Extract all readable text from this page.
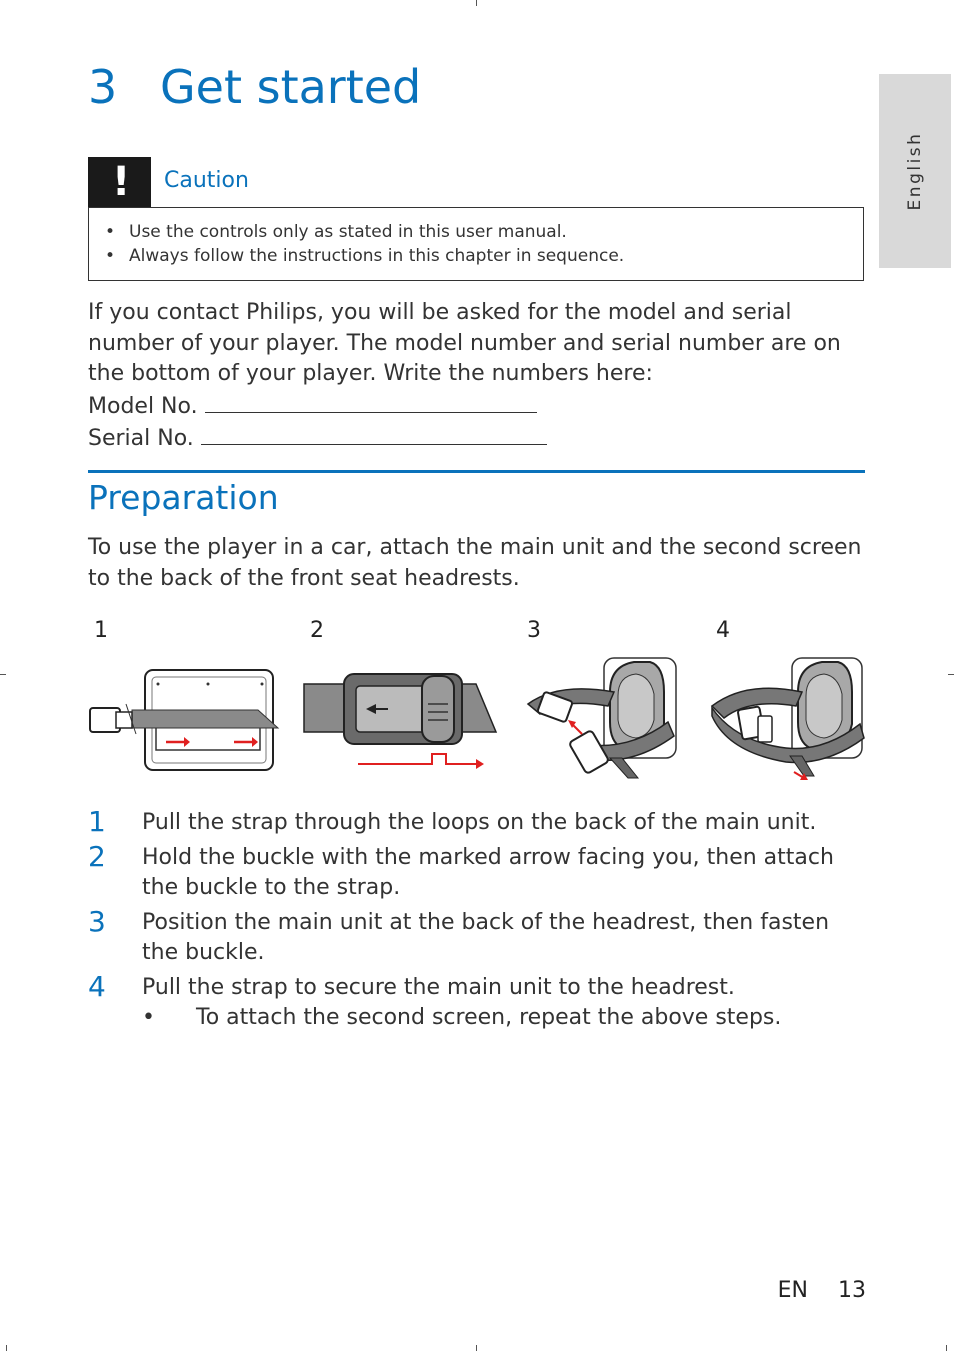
English
3 Get started
! Caution
• Use the controls only as stated in this user manual.
• Always follow the instructions in this chapter in sequence.

If you contact Philips, you will be asked for the model and serial number of your player. The model number and serial number are on the bottom of your player. Write the numbers here:

Model No.

Serial No.

Preparation
To use the player in a car, attach the main unit and the second screen to the back of the front seat headrests.
1	2	3	4
1 Pull the strap through the loops on the back of the main unit.
2 Hold the buckle with the marked arrow facing you, then attach the buckle to the strap.
3 Position the main unit at the back of the headrest, then fasten the buckle.
4 Pull the strap to secure the main unit to the headrest.
• To attach the second screen, repeat the above steps.
EN 13
